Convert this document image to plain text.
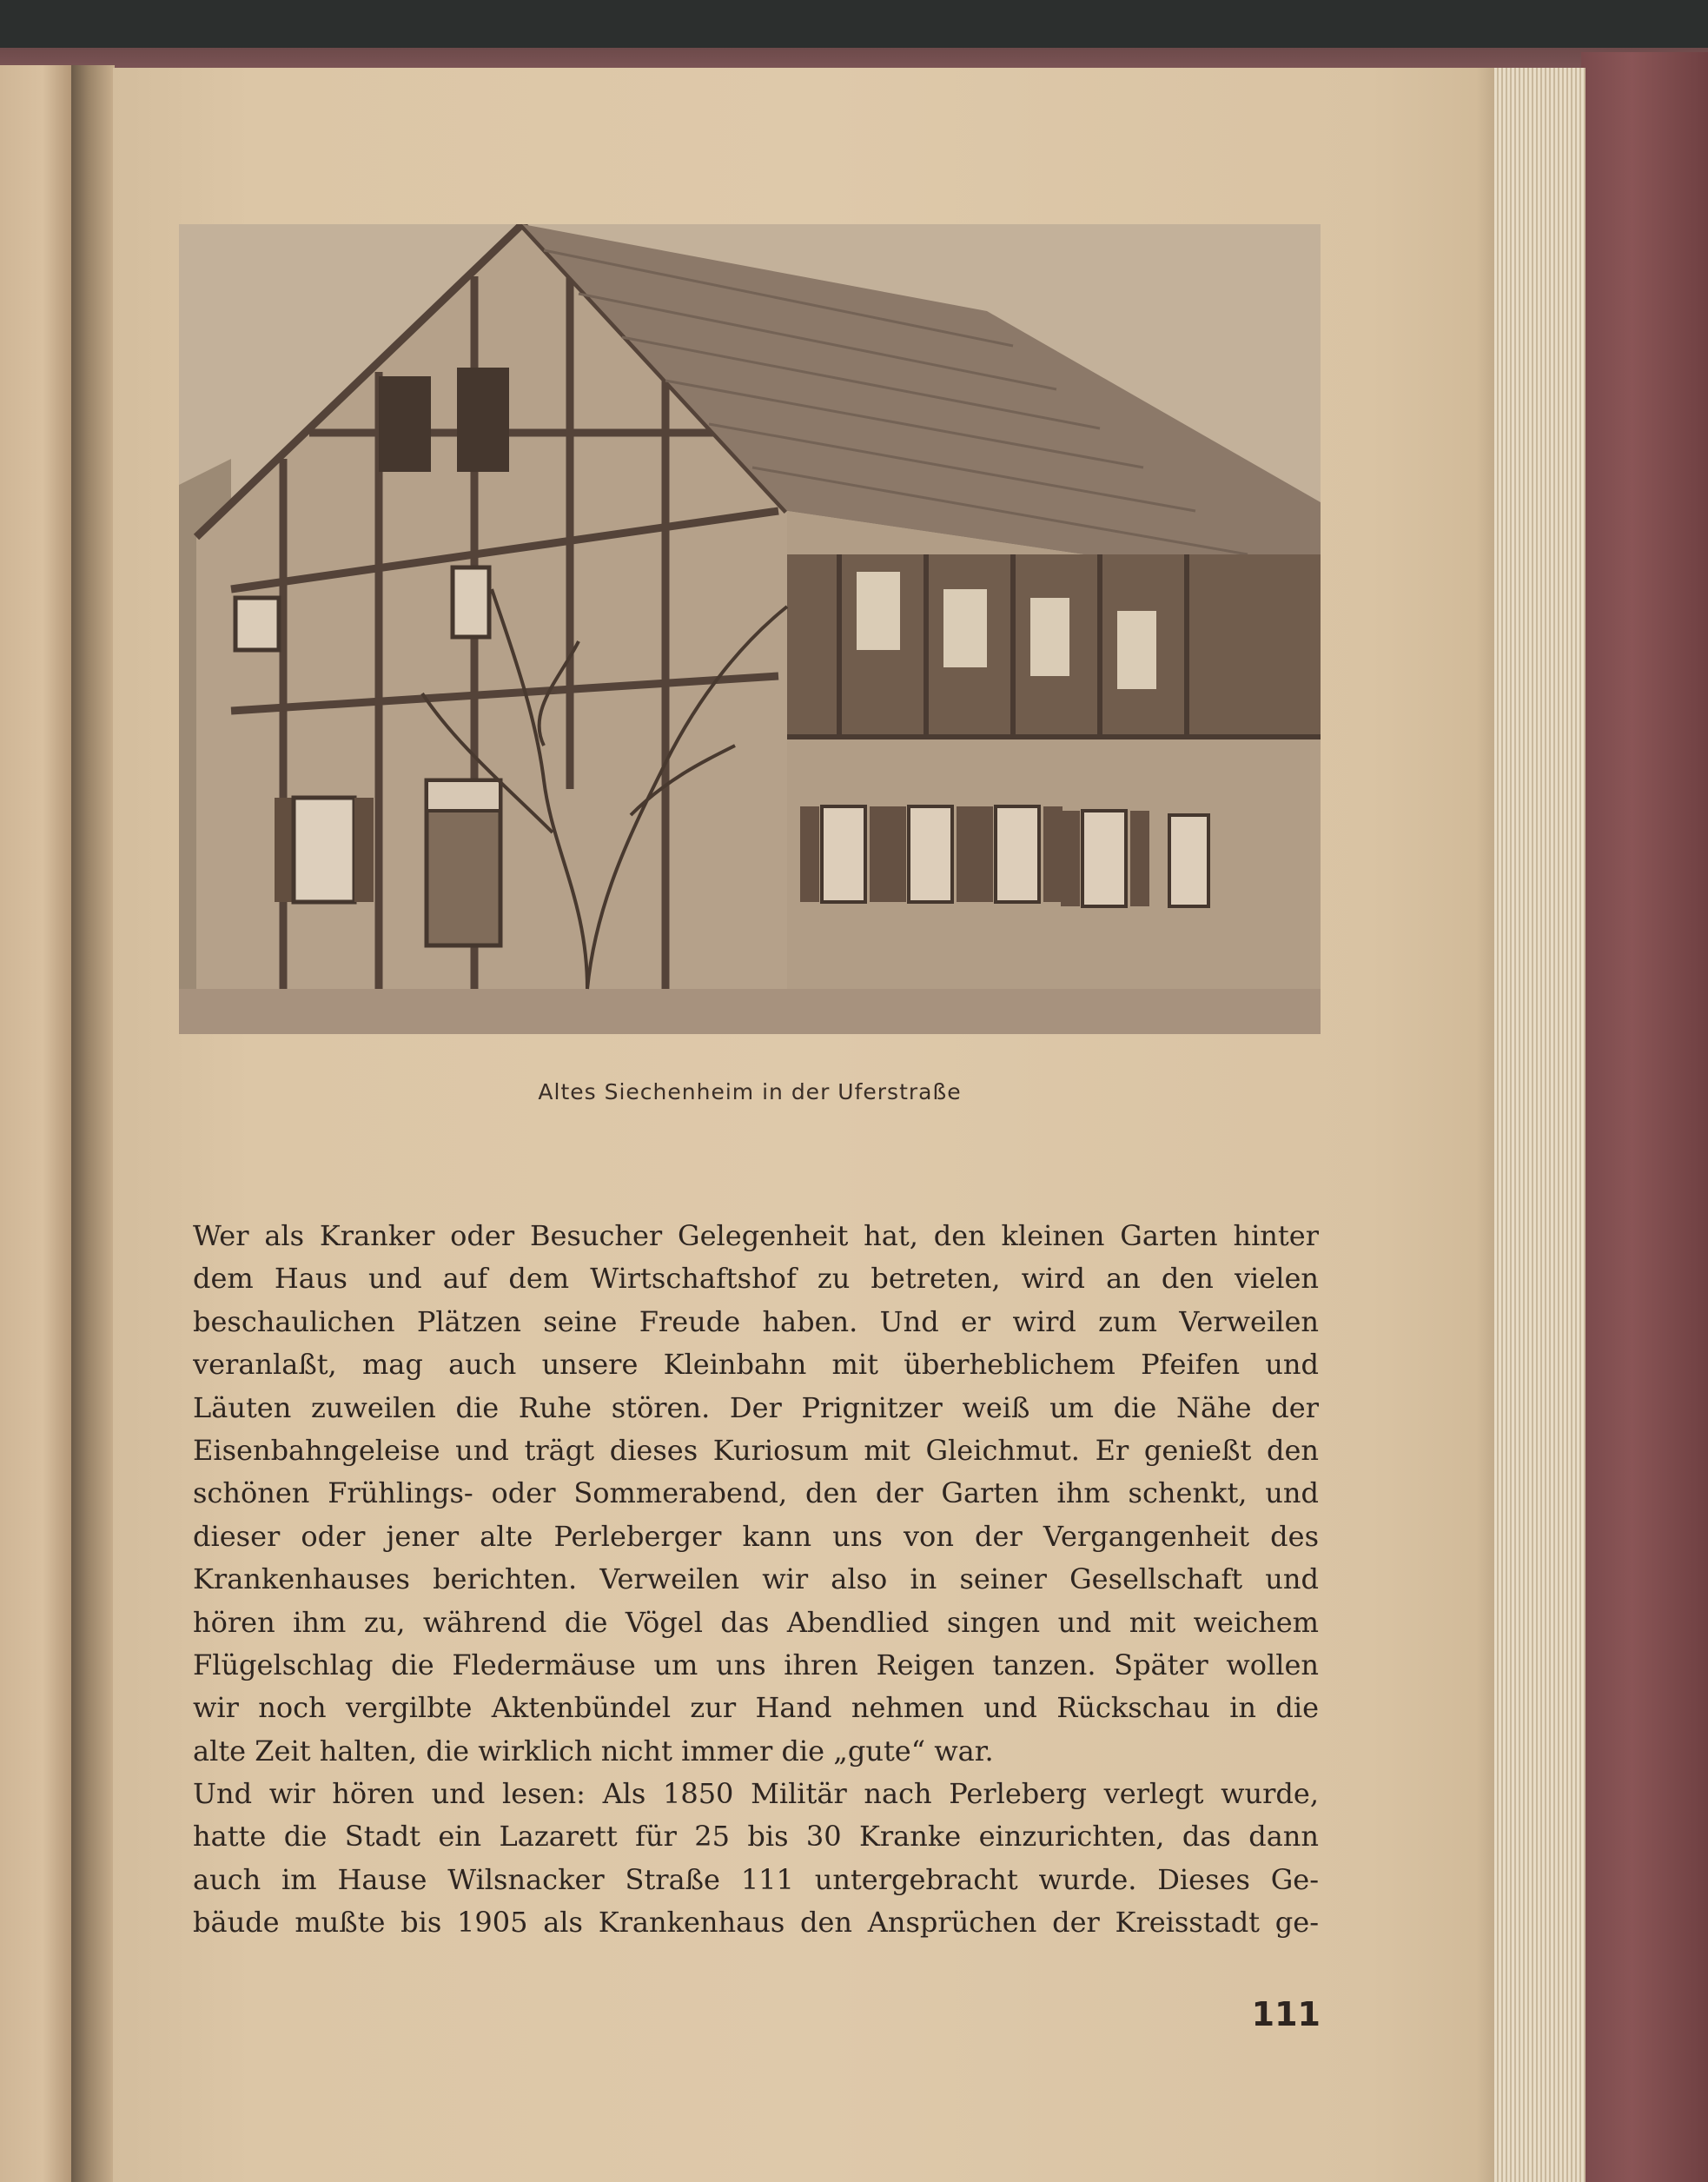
Altes Siechenheim in der Uferstraße
Wer als Kranker oder Besucher Gelegenheit hat, den kleinen Garten hinter
dem Haus und auf dem Wirtschaftshof zu betreten, wird an den vielen
beschaulichen Plätzen seine Freude haben. Und er wird zum Verweilen
veranlaßt, mag auch unsere Kleinbahn mit überheblichem Pfeifen und
Läuten zuweilen die Ruhe stören. Der Prignitzer weiß um die Nähe der
Eisenbahngeleise und trägt dieses Kuriosum mit Gleichmut. Er genießt den
schönen Frühlings- oder Sommerabend, den der Garten ihm schenkt, und
dieser oder jener alte Perleberger kann uns von der Vergangenheit des
Krankenhauses berichten. Verweilen wir also in seiner Gesellschaft und
hören ihm zu, während die Vögel das Abendlied singen und mit weichem
Flügelschlag die Fledermäuse um uns ihren Reigen tanzen. Später wollen
wir noch vergilbte Aktenbündel zur Hand nehmen und Rückschau in die
alte Zeit halten, die wirklich nicht immer die „gute“ war.
Und wir hören und lesen: Als 1850 Militär nach Perleberg verlegt wurde,
hatte die Stadt ein Lazarett für 25 bis 30 Kranke einzurichten, das dann
auch im Hause Wilsnacker Straße 111 untergebracht wurde. Dieses Ge-
bäude mußte bis 1905 als Krankenhaus den Ansprüchen der Kreisstadt ge-
111
